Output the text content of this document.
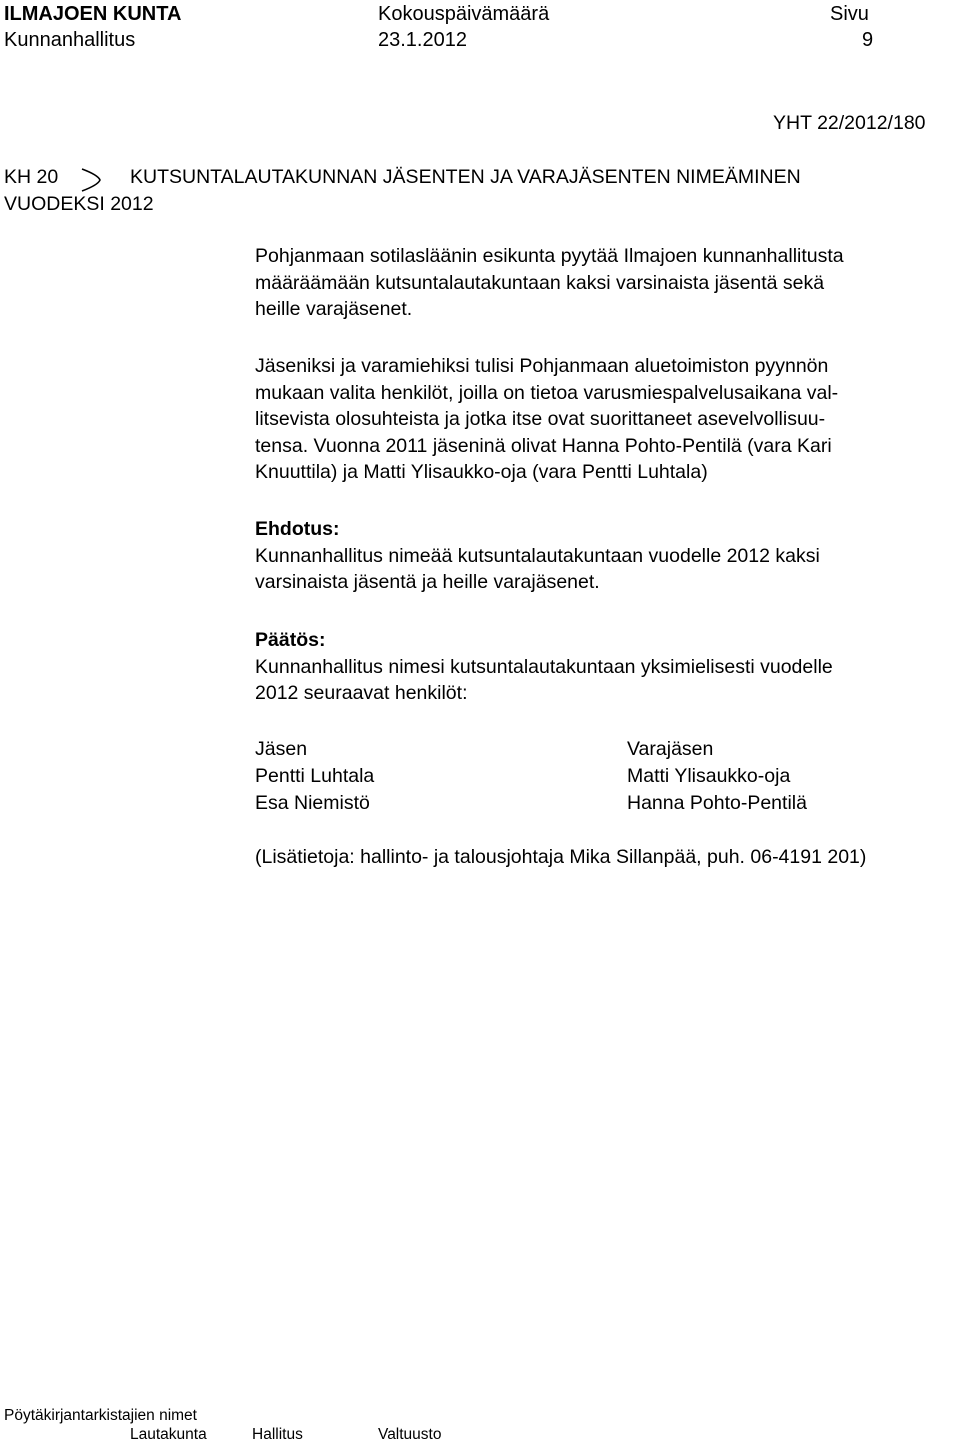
ILMAJOEN KUNTA	Kokouspäivämäärä	Sivu
Kunnanhallitus	23.1.2012	9
YHT 22/2012/180
KH 20	KUTSUNTALAUTAKUNNAN JÄSENTEN JA VARAJÄSENTEN NIMEÄMINEN
VUODEKSI 2012
Pohjanmaan sotilasläänin esikunta pyytää Ilmajoen kunnanhallitusta
määräämään kutsuntalautakuntaan kaksi varsinaista jäsentä sekä
heille varajäsenet.
Jäseniksi ja varamiehiksi tulisi Pohjanmaan aluetoimiston pyynnön
mukaan valita henkilöt, joilla on tietoa varusmiespalvelusaikana val-
litsevista olosuhteista ja jotka itse ovat suorittaneet asevelvollisuu-
tensa. Vuonna 2011 jäseninä olivat Hanna Pohto-Pentilä (vara Kari
Knuuttila) ja Matti Ylisaukko-oja (vara Pentti Luhtala)
Ehdotus:
Kunnanhallitus nimeää kutsuntalautakuntaan vuodelle 2012 kaksi
varsinaista jäsentä ja heille varajäsenet.
Päätös:
Kunnanhallitus nimesi kutsuntalautakuntaan yksimielisesti vuodelle
2012 seuraavat henkilöt:
Jäsen	Varajäsen
Pentti Luhtala	Matti Ylisaukko-oja
Esa Niemistö	Hanna Pohto-Pentilä
(Lisätietoja: hallinto- ja talousjohtaja Mika Sillanpää, puh. 06-4191 201)
Pöytäkirjantarkistajien nimet
Lautakunta	Hallitus	Valtuusto
